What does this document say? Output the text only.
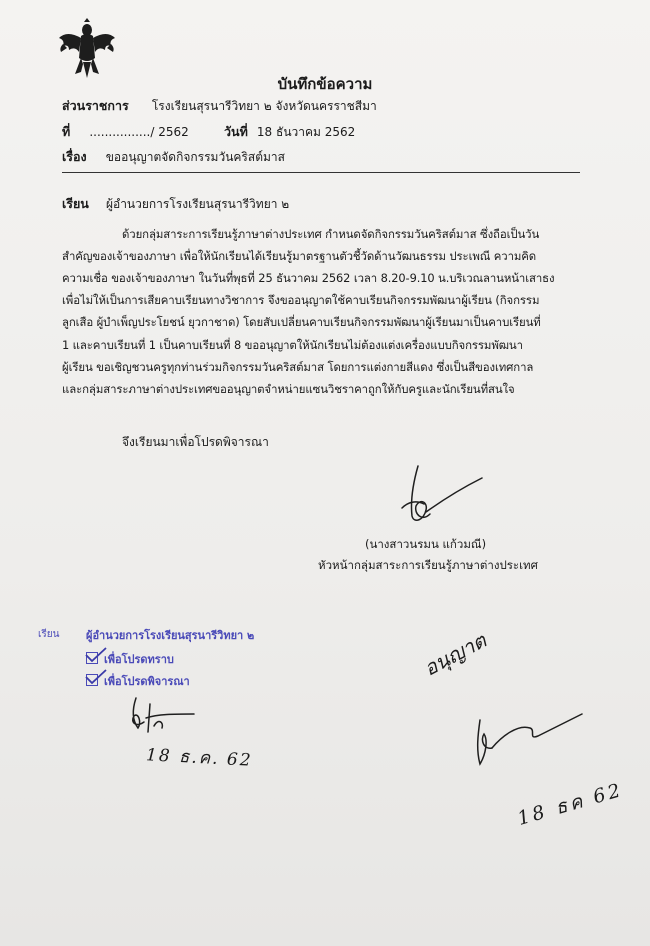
บันทึกข้อความ
ส่วนราชการ โรงเรียนสุรนารีวิทยา ๒ จังหวัดนครราชสีมา
ที่ ................/ 2562	วันที่ 18 ธันวาคม 2562
เรื่อง ขออนุญาตจัดกิจกรรมวันคริสต์มาส
เรียน ผู้อำนวยการโรงเรียนสุรนารีวิทยา ๒
ด้วยกลุ่มสาระการเรียนรู้ภาษาต่างประเทศ กำหนดจัดกิจกรรมวันคริสต์มาส ซึ่งถือเป็นวัน
สำคัญของเจ้าของภาษา เพื่อให้นักเรียนได้เรียนรู้มาตรฐานตัวชี้วัดด้านวัฒนธรรม ประเพณี ความคิด
ความเชื่อ ของเจ้าของภาษา ในวันที่พุธที่ 25 ธันวาคม 2562 เวลา 8.20-9.10 น.บริเวณลานหน้าเสาธง
เพื่อไม่ให้เป็นการเสียคาบเรียนทางวิชาการ จึงขออนุญาตใช้คาบเรียนกิจกรรมพัฒนาผู้เรียน (กิจกรรม
ลูกเสือ ผู้บำเพ็ญประโยชน์ ยุวกาชาด) โดยสับเปลี่ยนคาบเรียนกิจกรรมพัฒนาผู้เรียนมาเป็นคาบเรียนที่
1 และคาบเรียนที่ 1 เป็นคาบเรียนที่ 8 ขออนุญาตให้นักเรียนไม่ต้องแต่งเครื่องแบบกิจกรรมพัฒนา
ผู้เรียน ขอเชิญชวนครูทุกท่านร่วมกิจกรรมวันคริสต์มาส โดยการแต่งกายสีแดง ซึ่งเป็นสีของเทศกาล
และกลุ่มสาระภาษาต่างประเทศขออนุญาตจำหน่ายแซนวิชราคาถูกให้กับครูและนักเรียนที่สนใจ
จึงเรียนมาเพื่อโปรดพิจารณา
(นางสาวนรมน แก้วมณี)
หัวหน้ากลุ่มสาระการเรียนรู้ภาษาต่างประเทศ
เรียน ผู้อำนวยการโรงเรียนสุรนารีวิทยา ๒
เพื่อโปรดทราบ
เพื่อโปรดพิจารณา
18 ธ.ค. 62
อนุญาต
18 ธค 62
